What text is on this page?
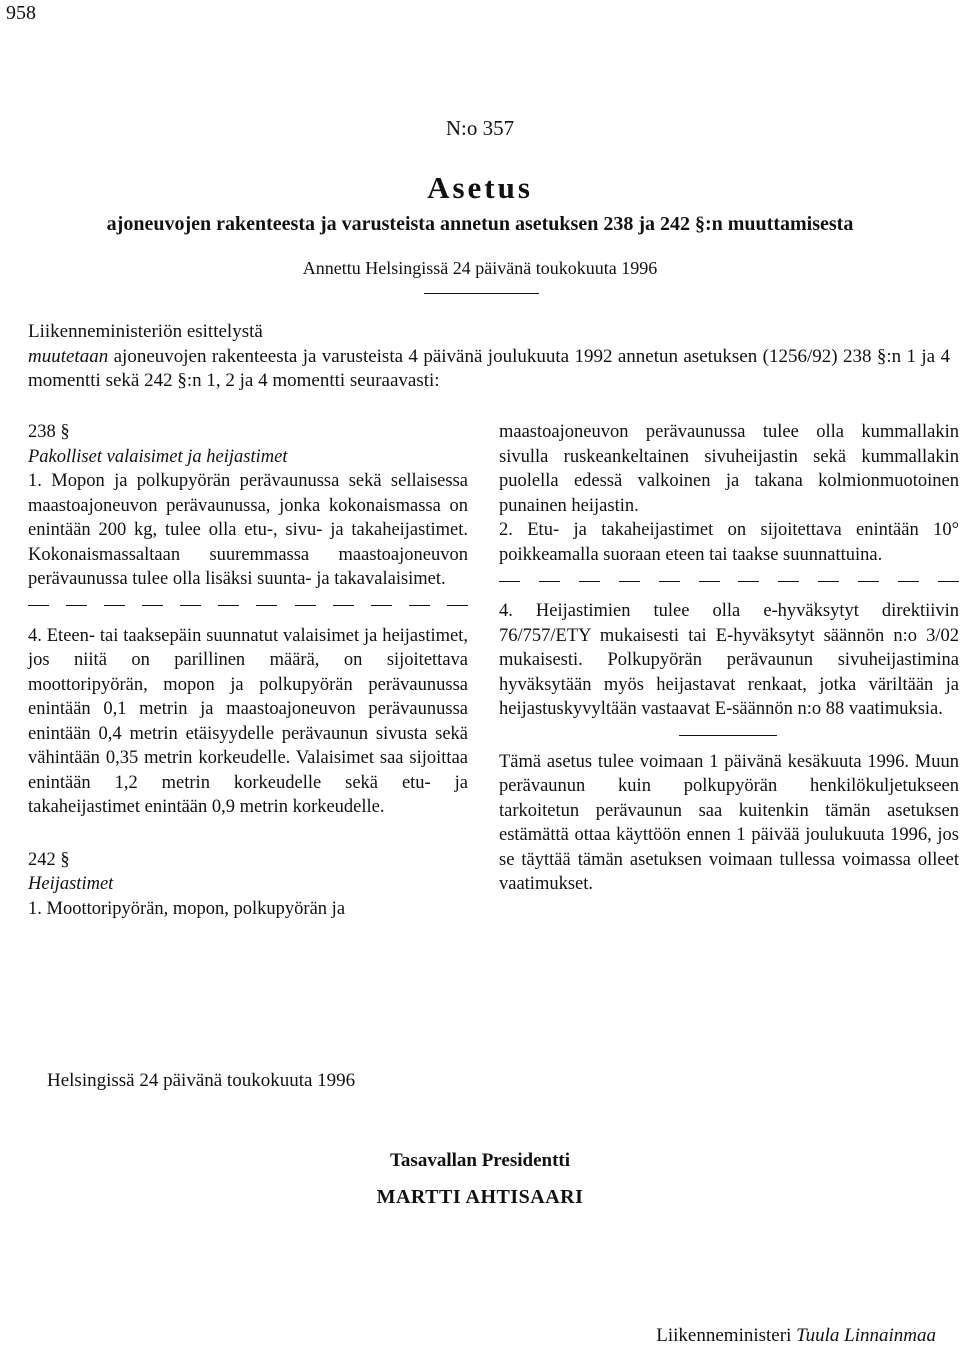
958
N:o 357
Asetus
ajoneuvojen rakenteesta ja varusteista annetun asetuksen 238 ja 242 §:n muuttamisesta
Annettu Helsingissä 24 päivänä toukokuuta 1996

Liikenneministeriön esittelystä

muutetaan ajoneuvojen rakenteesta ja varusteista 4 päivänä joulukuuta 1992 annetun asetuksen (1256/92) 238 §:n 1 ja 4 momentti sekä 242 §:n 1, 2 ja 4 momentti seuraavasti:

238 §

Pakolliset valaisimet ja heijastimet

1. Mopon ja polkupyörän perävaunussa sekä sellaisessa maastoajoneuvon perävaunussa, jonka kokonaismassa on enintään 200 kg, tulee olla etu-, sivu- ja takaheijastimet. Kokonaismassaltaan suuremmassa maastoajoneuvon perävaunussa tulee olla lisäksi suunta- ja takavalaisimet.

4. Eteen- tai taaksepäin suunnatut valaisimet ja heijastimet, jos niitä on parillinen määrä, on sijoitettava moottoripyörän, mopon ja polkupyörän perävaunussa enintään 0,1 metrin ja maastoajoneuvon perävaunussa enintään 0,4 metrin etäisyydelle perävaunun sivusta sekä vähintään 0,35 metrin korkeudelle. Valaisimet saa sijoittaa enintään 1,2 metrin korkeudelle sekä etu- ja takaheijastimet enintään 0,9 metrin korkeudelle.

242 §

Heijastimet

1. Moottoripyörän, mopon, polkupyörän ja

maastoajoneuvon perävaunussa tulee olla kummallakin sivulla ruskeankeltainen sivuheijastin sekä kummallakin puolella edessä valkoinen ja takana kolmionmuotoinen punainen heijastin.

2. Etu- ja takaheijastimet on sijoitettava enintään 10° poikkeamalla suoraan eteen tai taakse suunnattuina.

4. Heijastimien tulee olla e-hyväksytyt direktiivin 76/757/ETY mukaisesti tai E-hyväksytyt säännön n:o 3/02 mukaisesti. Polkupyörän perävaunun sivuheijastimina hyväksytään myös heijastavat renkaat, jotka väriltään ja heijastuskyvyltään vastaavat E-säännön n:o 88 vaatimuksia.

Tämä asetus tulee voimaan 1 päivänä kesäkuuta 1996. Muun perävaunun kuin polkupyörän henkilökuljetukseen tarkoitetun perävaunun saa kuitenkin tämän asetuksen estämättä ottaa käyttöön ennen 1 päivää joulukuuta 1996, jos se täyttää tämän asetuksen voimaan tullessa voimassa olleet vaatimukset.

Helsingissä 24 päivänä toukokuuta 1996
Tasavallan Presidentti
MARTTI AHTISAARI
Liikenneministeri Tuula Linnainmaa
